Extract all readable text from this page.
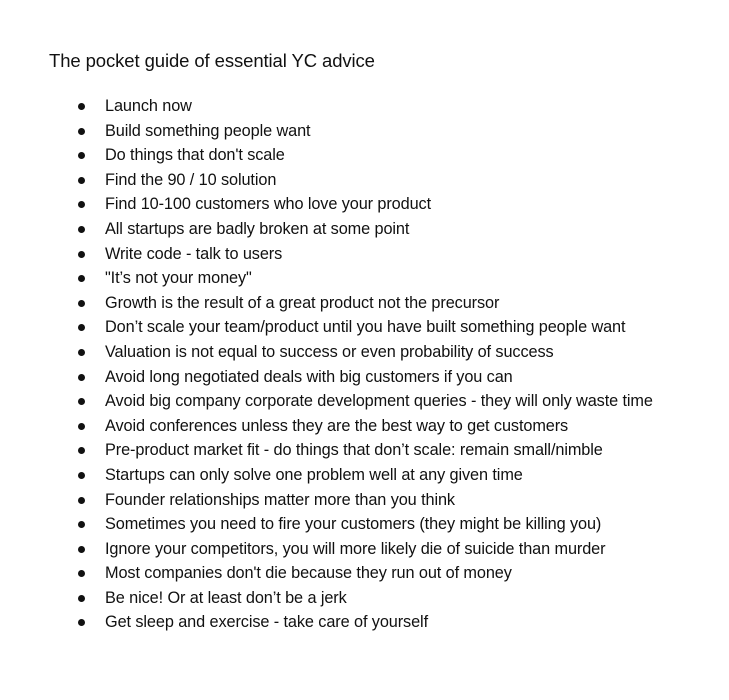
The pocket guide of essential YC advice
Launch now
Build something people want
Do things that don't scale
Find the 90 / 10 solution
Find 10-100 customers who love your product
All startups are badly broken at some point
Write code - talk to users
"It’s not your money"
Growth is the result of a great product not the precursor
Don’t scale your team/product until you have built something people want
Valuation is not equal to success or even probability of success
Avoid long negotiated deals with big customers if you can
Avoid big company corporate development queries - they will only waste time
Avoid conferences unless they are the best way to get customers
Pre-product market fit - do things that don’t scale: remain small/nimble
Startups can only solve one problem well at any given time
Founder relationships matter more than you think
Sometimes you need to fire your customers (they might be killing you)
Ignore your competitors, you will more likely die of suicide than murder
Most companies don't die because they run out of money
Be nice! Or at least don’t be a jerk
Get sleep and exercise - take care of yourself
